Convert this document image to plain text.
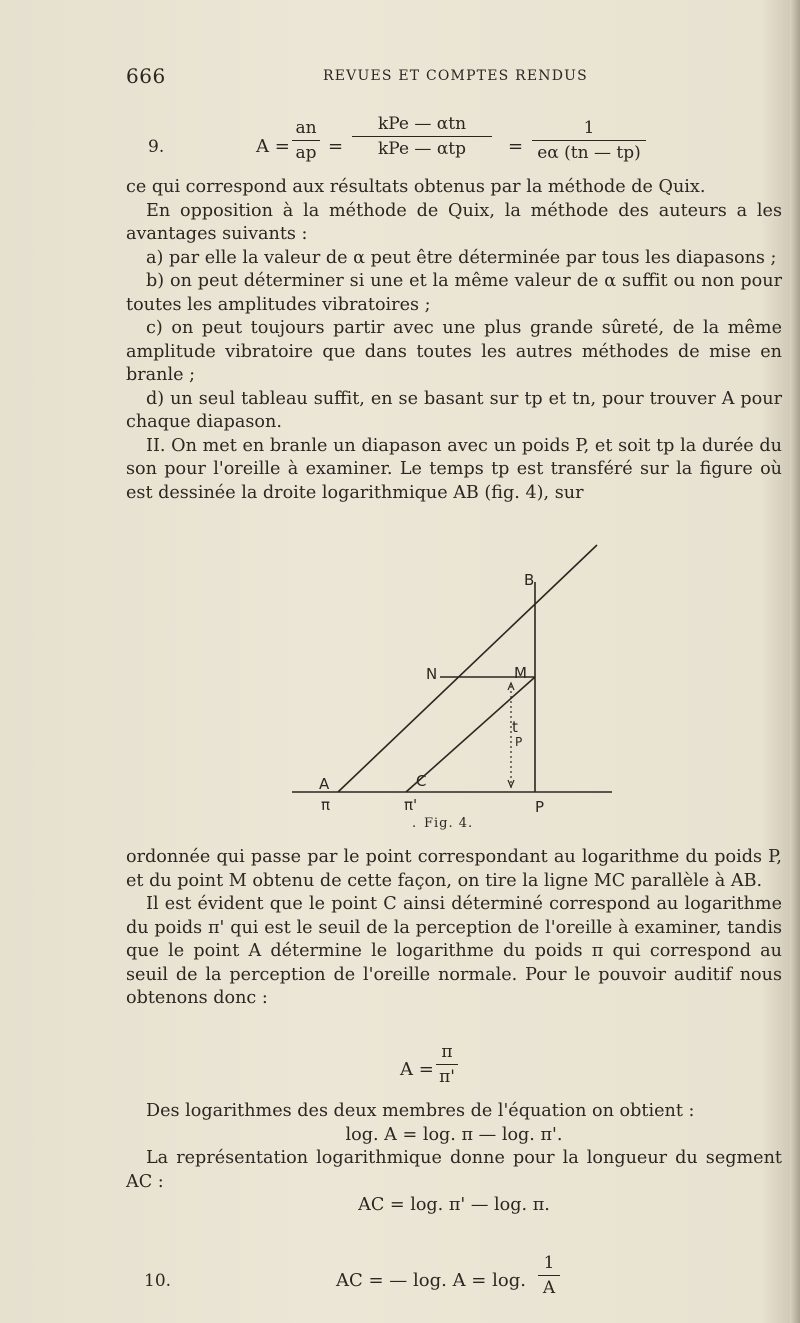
666	REVUES ET COMPTES RENDUS
9.	A =
an
ap =
kPe — αtn
kPe — αtp	=
1
eα (tn — tp)

ce qui correspond aux résultats obtenus par la méthode de Quix.

En opposition à la méthode de Quix, la méthode des auteurs a les avantages suivants :

a) par elle la valeur de α peut être déterminée par tous les diapasons ;

b) on peut déterminer si une et la même valeur de α suffit ou non pour toutes les amplitudes vibratoires ;

c) on peut toujours partir avec une plus grande sûreté, de la même amplitude vibratoire que dans toutes les autres méthodes de mise en branle ;

d) un seul tableau suffit, en se basant sur tp et tn, pour trouver A pour chaque diapason.

II. On met en branle un diapason avec un poids P, et soit tp la durée du son pour l'oreille à examiner. Le temps tp est transféré sur la figure où est dessinée la droite logarithmique AB (fig. 4), sur

B
N	M
A	C
t
P
π	π'	P
. Fig. 4.

ordonnée qui passe par le point correspondant au logarithme du poids P, et du point M obtenu de cette façon, on tire la ligne MC parallèle à AB.

Il est évident que le point C ainsi déterminé correspond au logarithme du poids π' qui est le seuil de la perception de l'oreille à examiner, tandis que le point A détermine le logarithme du poids π qui correspond au seuil de la perception de l'oreille normale. Pour le pouvoir auditif nous obtenons donc :

A =
π
π'

Des logarithmes des deux membres de l'équation on obtient :

log. A = log. π — log. π'.

La représentation logarithmique donne pour la longueur du segment AC :

AC = log. π' — log. π.

10.	AC = — log. A = log.
1
A
